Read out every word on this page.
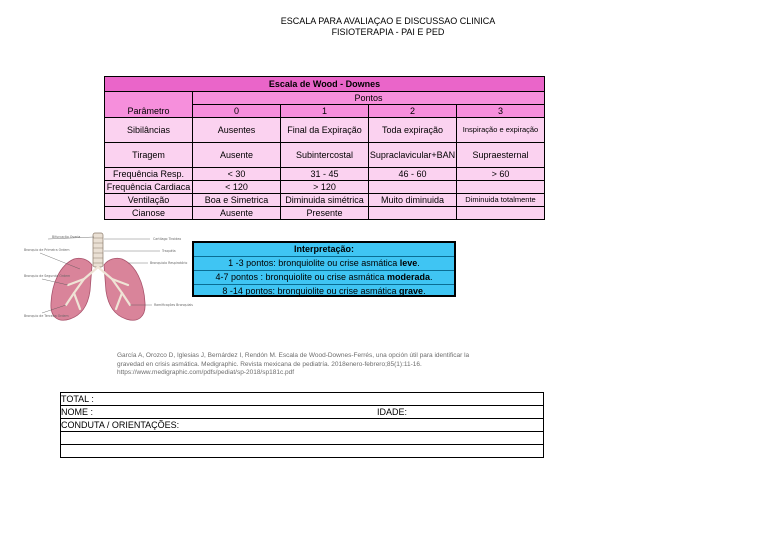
ESCALA PARA AVALIAÇAO E DISCUSSAO CLINICA
FISIOTERAPIA - PAI E PED
Escala de Wood - Downes				
Parâmetro	Pontos			
	0	1	2	3
Sibilâncias	Ausentes	Final da Expiração	Toda expiração	Inspiração e expiração
Tiragem	Ausente	Subintercostal	Supraclavicular+BAN	Supraesternal
Frequência Resp.	< 30	31 - 45	46 - 60	> 60
Frequência Cardiaca	< 120	> 120		
Ventilação	Boa e Simetrica	Diminuida simétrica	Muito diminuida	Diminuida totalmente
Cianose	Ausente	Presente		
Bifurcação Ovaria
Bronquio de Primeira Ordem
Bronquio de Segunda Ordem
Bronquio de Terceira Ordem
Cartilago Tiroideo
Traquéia
Bronquiolo Respiratório
Ramificações Bronquiais
Interpretação:
1 -3 pontos: bronquiolite ou crise asmática leve.
4-7 pontos : bronquiolite ou crise asmática moderada.
8 -14 pontos: bronquiolite ou crise asmática grave.
García A, Orozco D, Iglesias J, Bernárdez I, Rendón M. Escala de Wood-Downes-Ferrés, una opción útil para identificar la
gravedad en crisis asmática. Medigraphic. Revista mexicana de pediatría. 2018enero-febrero;85(1):11-16.
https://www.medigraphic.com/pdfs/pediat/sp-2018/sp181c.pdf
TOTAL :
NOME :	IDADE:

CONDUTA / ORIENTAÇÕES:
